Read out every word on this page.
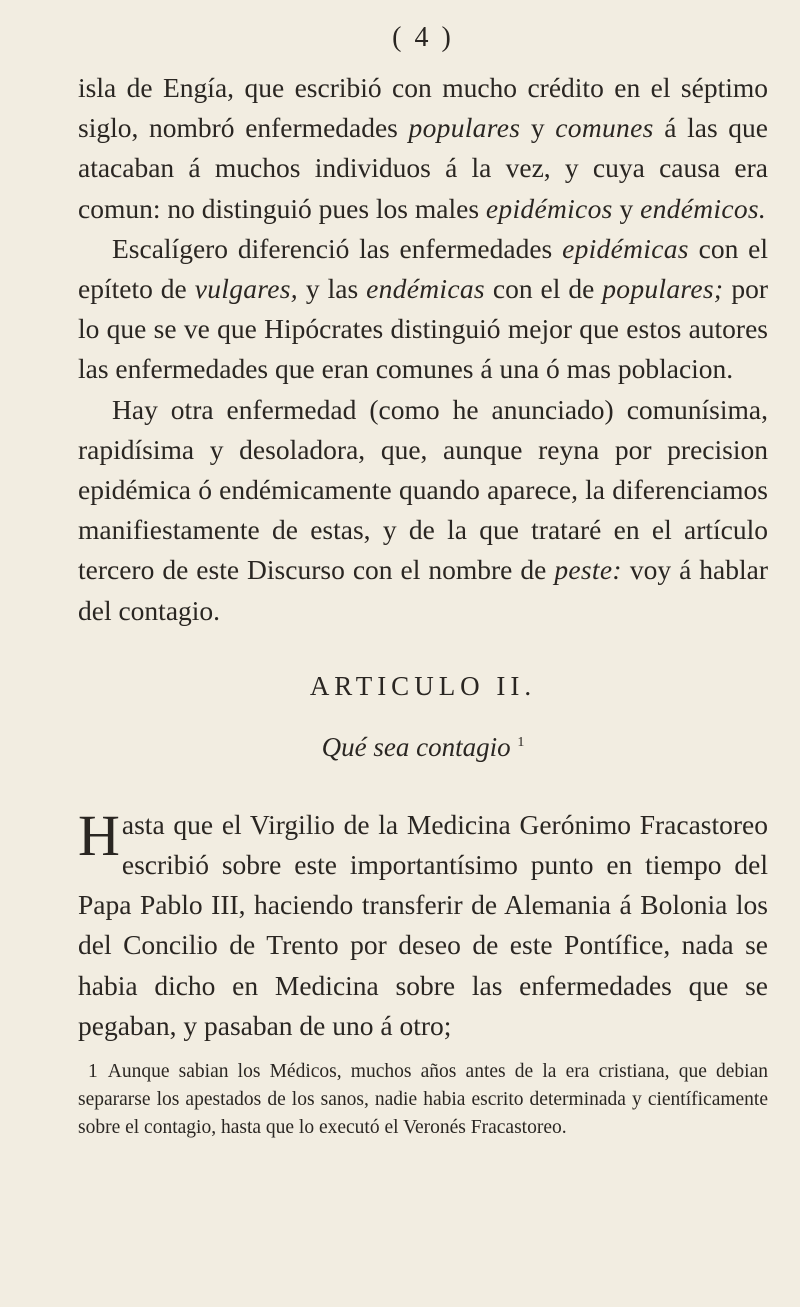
( 4 )

isla de Engía, que escribió con mucho crédito en el séptimo siglo, nombró enfermedades populares y comunes á las que atacaban á muchos individuos á la vez, y cuya causa era comun: no distinguió pues los males epidémicos y endémicos.

Escalígero diferenció las enfermedades epidémicas con el epíteto de vulgares, y las endémicas con el de populares; por lo que se ve que Hipócrates distinguió mejor que estos autores las enfermedades que eran comunes á una ó mas poblacion.

Hay otra enfermedad (como he anunciado) comunísima, rapidísima y desoladora, que, aunque reyna por precision epidémica ó endémicamente quando aparece, la diferenciamos manifiestamente de estas, y de la que trataré en el artículo tercero de este Discurso con el nombre de peste: voy á hablar del contagio.

ARTICULO II.
Qué sea contagio $^1$

Hasta que el Virgilio de la Medicina Gerónimo Fracastoreo escribió sobre este importantísimo punto en tiempo del Papa Pablo III, haciendo transferir de Alemania á Bolonia los del Concilio de Trento por deseo de este Pontífice, nada se habia dicho en Medicina sobre las enfermedades que se pegaban, y pasaban de uno á otro;

1 Aunque sabian los Médicos, muchos años antes de la era cristiana, que debian separarse los apestados de los sanos, nadie habia escrito determinada y científicamente sobre el contagio, hasta que lo executó el Veronés Fracastoreo.
